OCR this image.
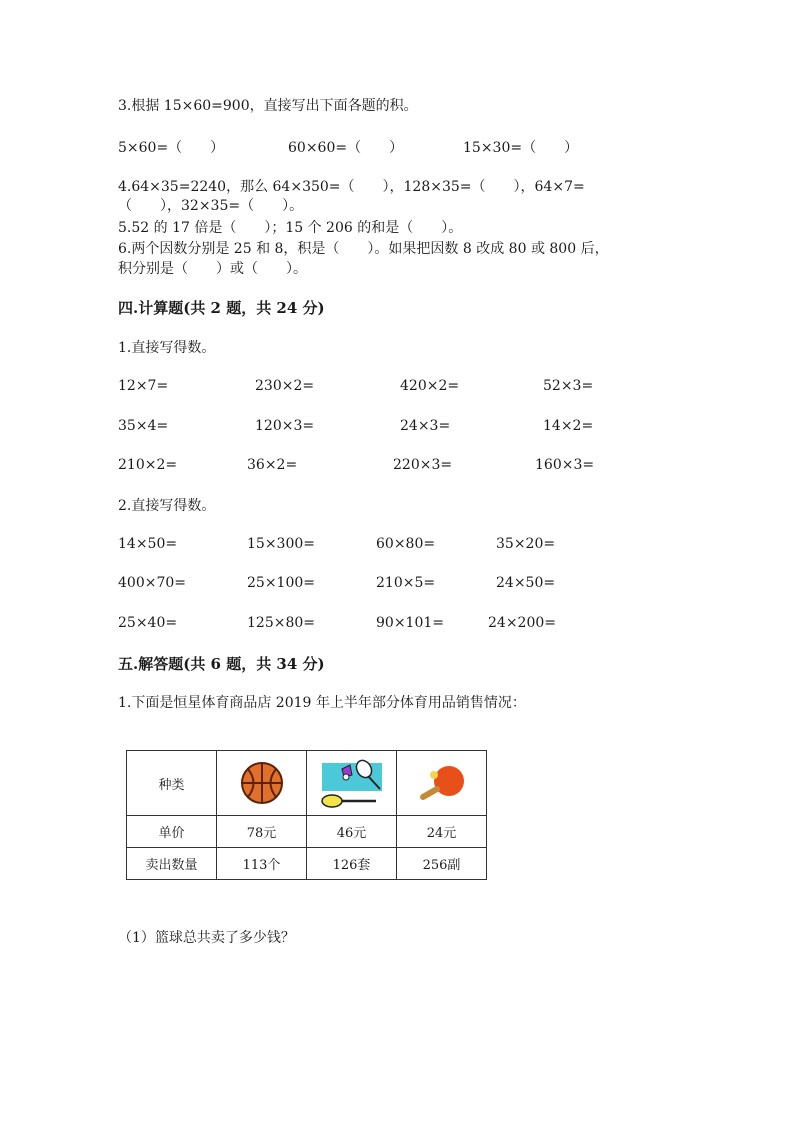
3.根据 15×60=900，直接写出下面各题的积。
5×60=（　　）	60×60=（　　）	15×30=（　　）
4.64×35=2240，那么 64×350=（　　），128×35=（　　），64×7=
（　　），32×35=（　　）。
5.52 的 17 倍是（　　）；15 个 206 的和是（　　）。
6.两个因数分别是 25 和 8，积是（　　）。如果把因数 8 改成 80 或 800 后，
积分别是（　　）或（　　）。
四.计算题(共 2 题，共 24 分)
1.直接写得数。
12×7=	230×2=	420×2=	52×3=
35×4=	120×3=	24×3=	14×2=
210×2=	36×2=	220×3=	160×3=
2.直接写得数。
14×50=	15×300=	60×80=	35×20=
400×70=	25×100=	210×5=	24×50=
25×40=	125×80=	90×101=	24×200=
五.解答题(共 6 题，共 34 分)
1.下面是恒星体育商品店 2019 年上半年部分体育用品销售情况：
种类	

单价	78元	46元	24元
卖出数量	113个	126套	256副
（1）篮球总共卖了多少钱？
